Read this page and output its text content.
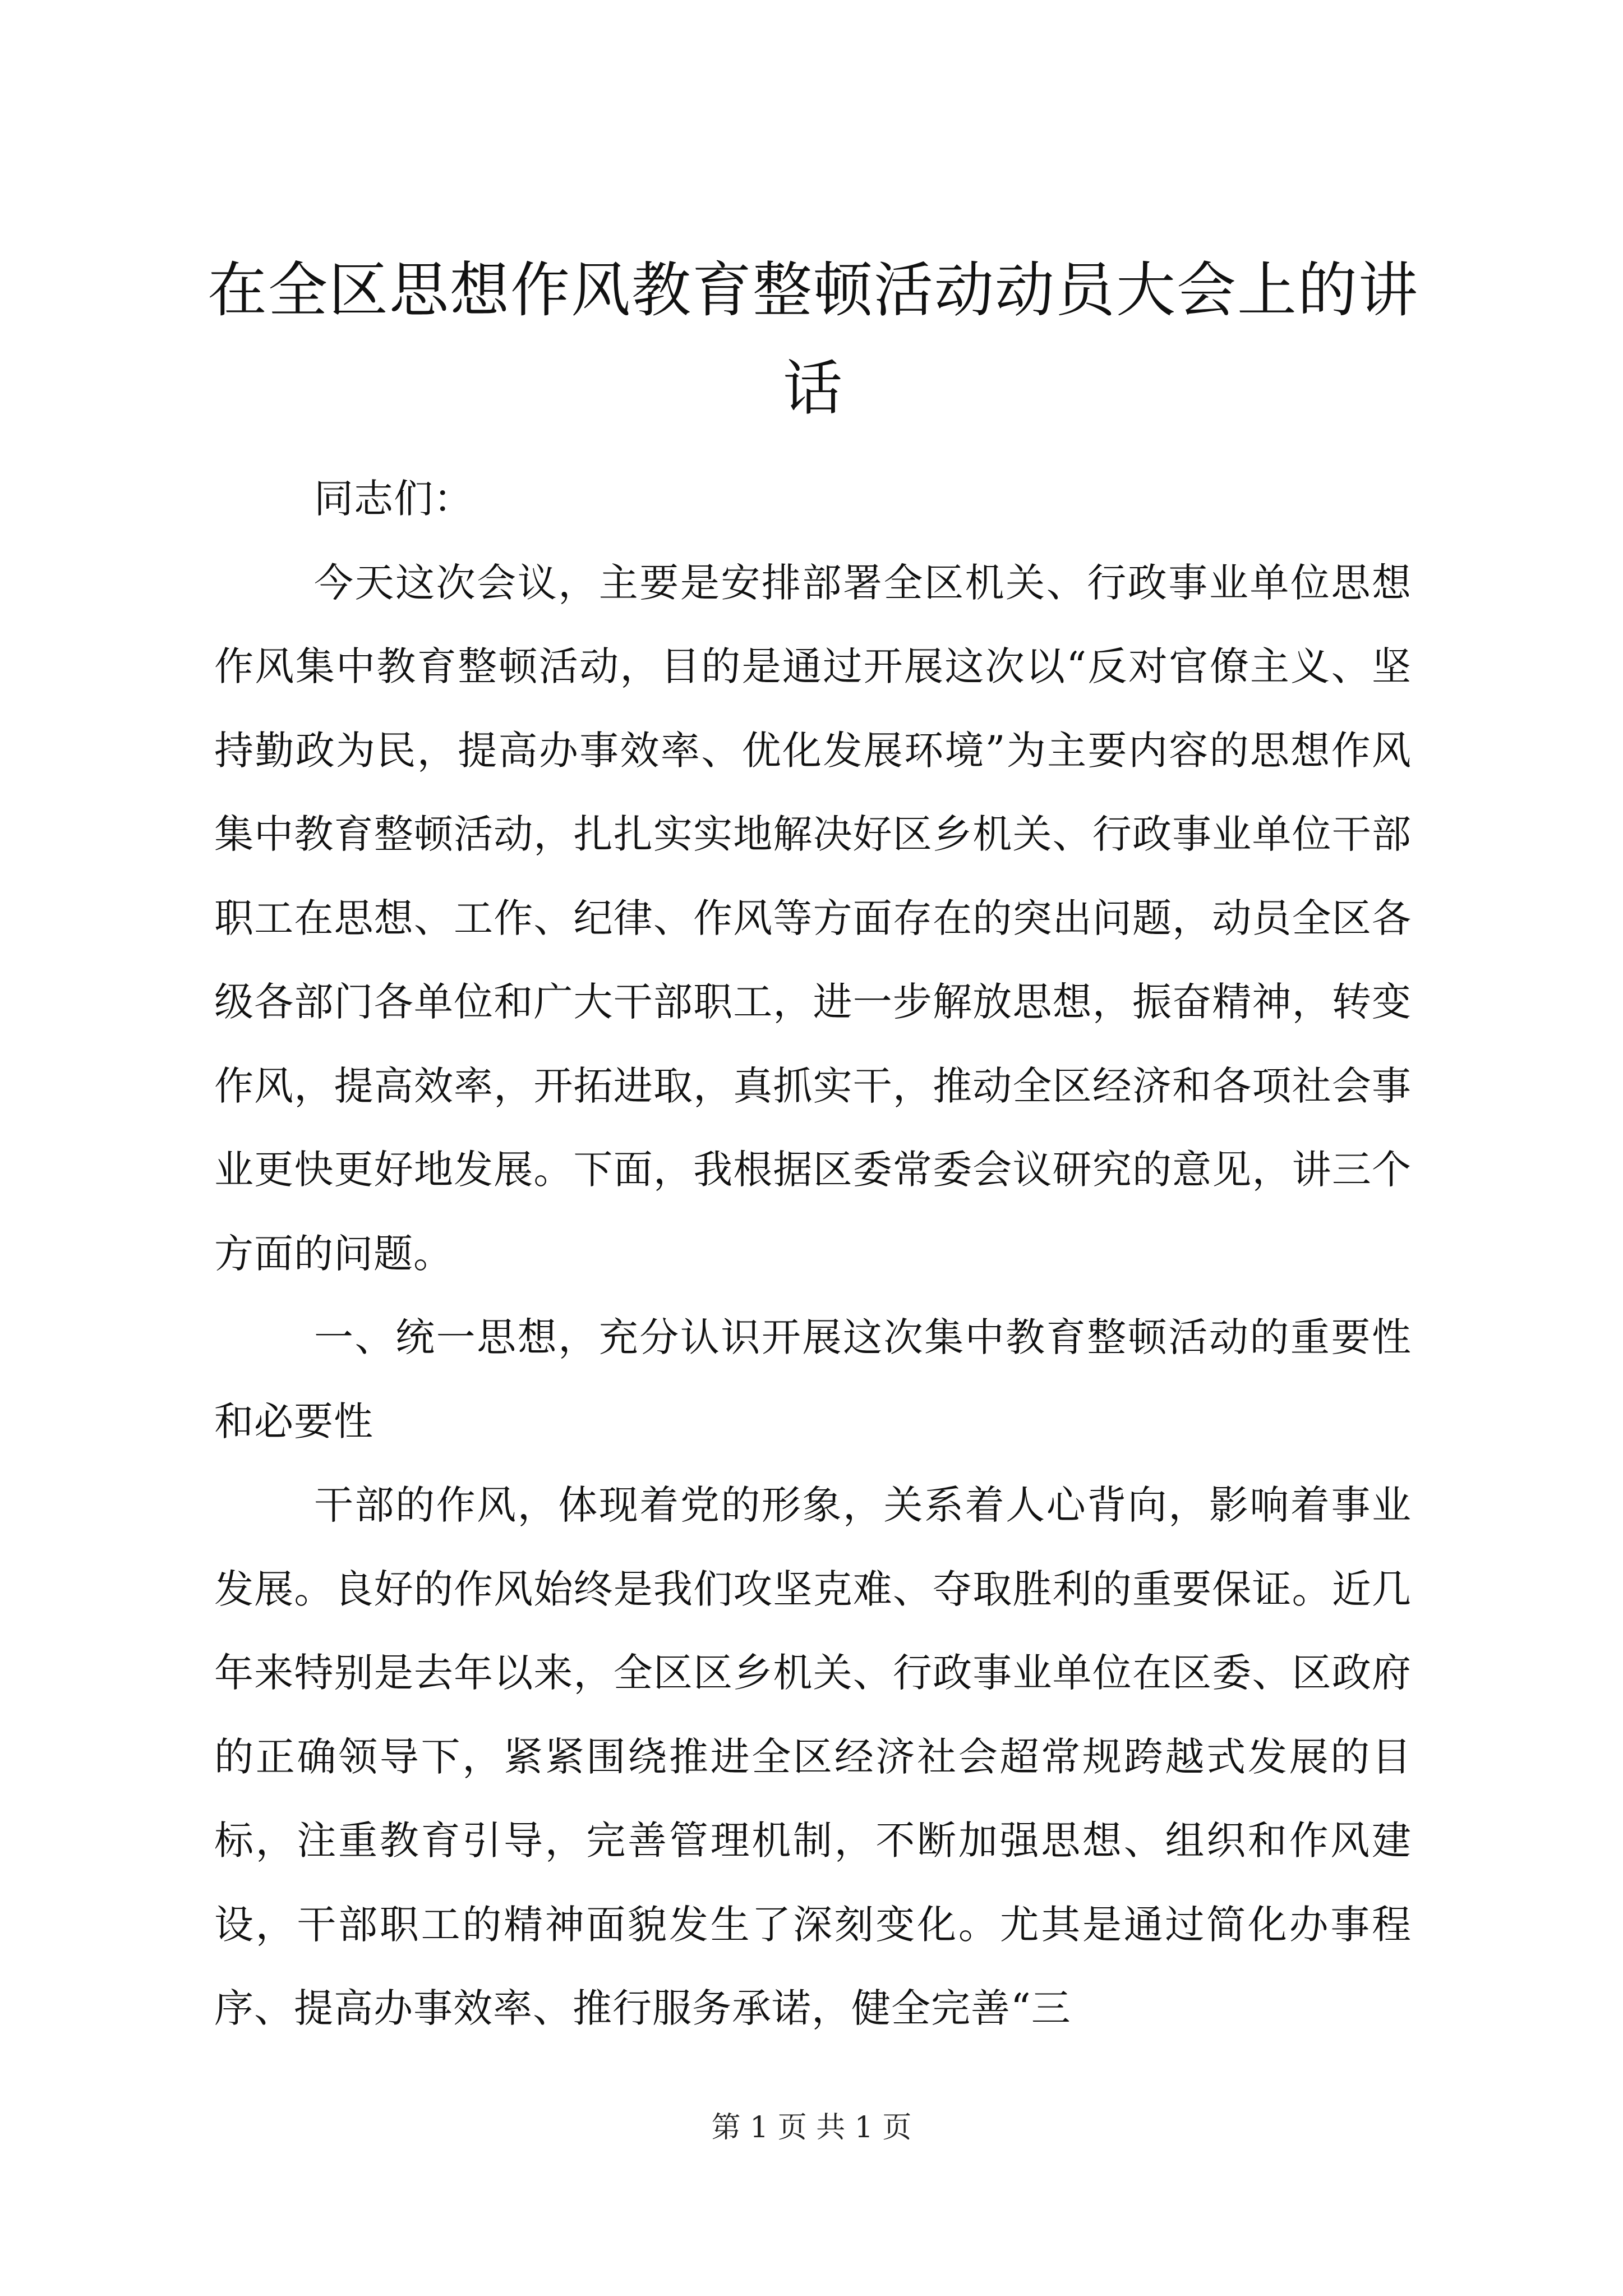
在全区思想作风教育整顿活动动员大会上的讲话

同志们：

今天这次会议，主要是安排部署全区机关、行政事业单位思想作风集中教育整顿活动，目的是通过开展这次以“反对官僚主义、坚持勤政为民，提高办事效率、优化发展环境”为主要内容的思想作风集中教育整顿活动，扎扎实实地解决好区乡机关、行政事业单位干部职工在思想、工作、纪律、作风等方面存在的突出问题，动员全区各级各部门各单位和广大干部职工，进一步解放思想，振奋精神，转变作风，提高效率，开拓进取，真抓实干，推动全区经济和各项社会事业更快更好地发展。下面，我根据区委常委会议研究的意见，讲三个方面的问题。

一、统一思想，充分认识开展这次集中教育整顿活动的重要性和必要性

干部的作风，体现着党的形象，关系着人心背向，影响着事业发展。良好的作风始终是我们攻坚克难、夺取胜利的重要保证。近几年来特别是去年以来，全区区乡机关、行政事业单位在区委、区政府的正确领导下，紧紧围绕推进全区经济社会超常规跨越式发展的目标，注重教育引导，完善管理机制，不断加强思想、组织和作风建设，干部职工的精神面貌发生了深刻变化。尤其是通过简化办事程序、提高办事效率、推行服务承诺，健全完善“三

第 1 页 共 1 页
